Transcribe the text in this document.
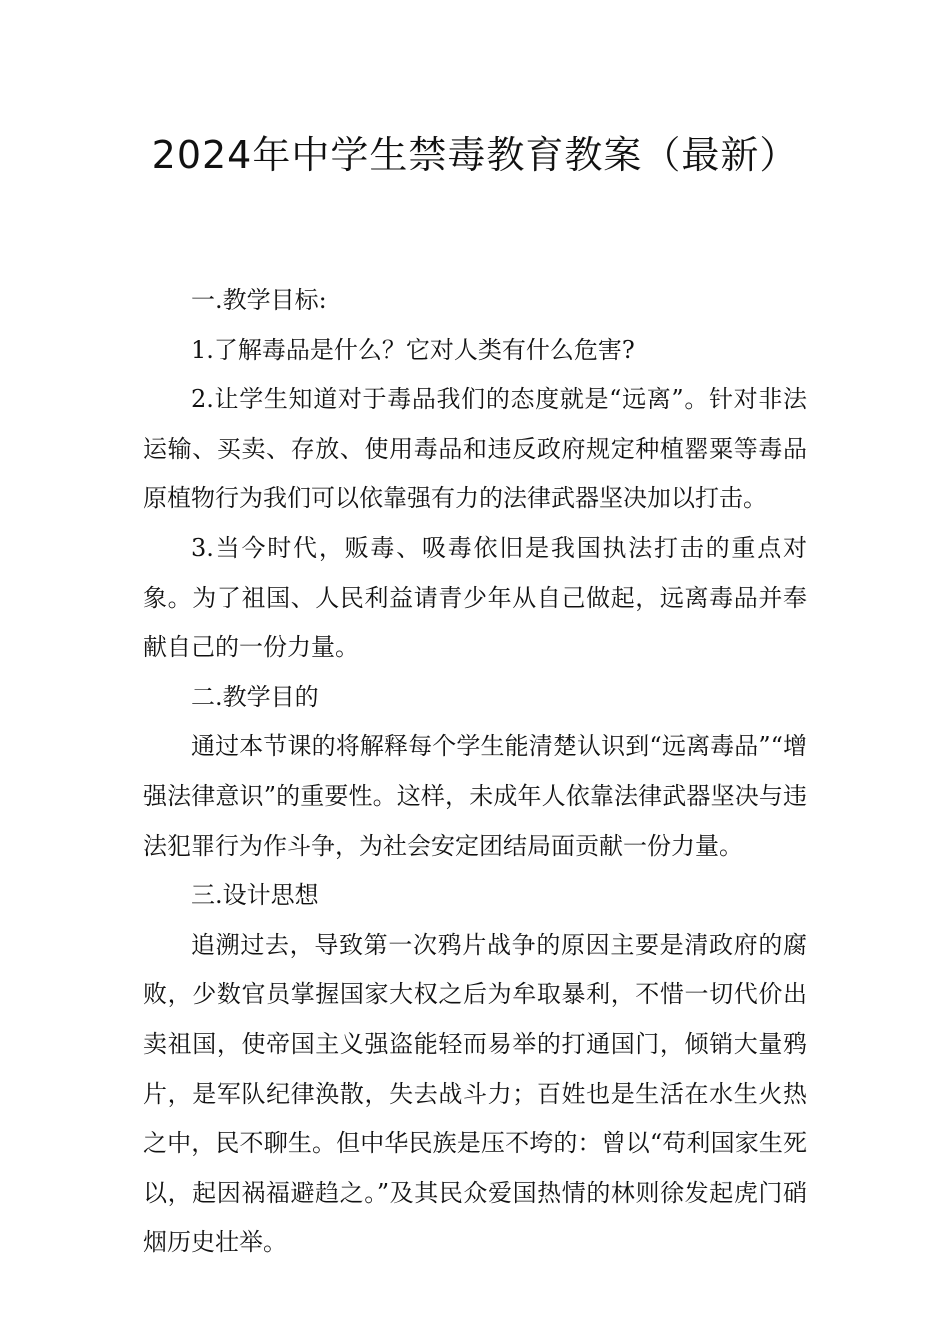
2024年中学生禁毒教育教案（最新）

一.教学目标:

1.了解毒品是什么？它对人类有什么危害?

2.让学生知道对于毒品我们的态度就是“远离”。针对非法运输、买卖、存放、使用毒品和违反政府规定种植罂粟等毒品原植物行为我们可以依靠强有力的法律武器坚决加以打击。

3.当今时代，贩毒、吸毒依旧是我国执法打击的重点对象。为了祖国、人民利益请青少年从自己做起，远离毒品并奉献自己的一份力量。

二.教学目的

通过本节课的将解释每个学生能清楚认识到“远离毒品”“增强法律意识”的重要性。这样，未成年人依靠法律武器坚决与违法犯罪行为作斗争，为社会安定团结局面贡献一份力量。

三.设计思想

追溯过去，导致第一次鸦片战争的原因主要是清政府的腐败，少数官员掌握国家大权之后为牟取暴利，不惜一切代价出卖祖国，使帝国主义强盗能轻而易举的打通国门，倾销大量鸦片，是军队纪律涣散，失去战斗力；百姓也是生活在水生火热之中，民不聊生。但中华民族是压不垮的：曾以“苟利国家生死以，起因祸福避趋之。”及其民众爱国热情的林则徐发起虎门硝烟历史壮举。
